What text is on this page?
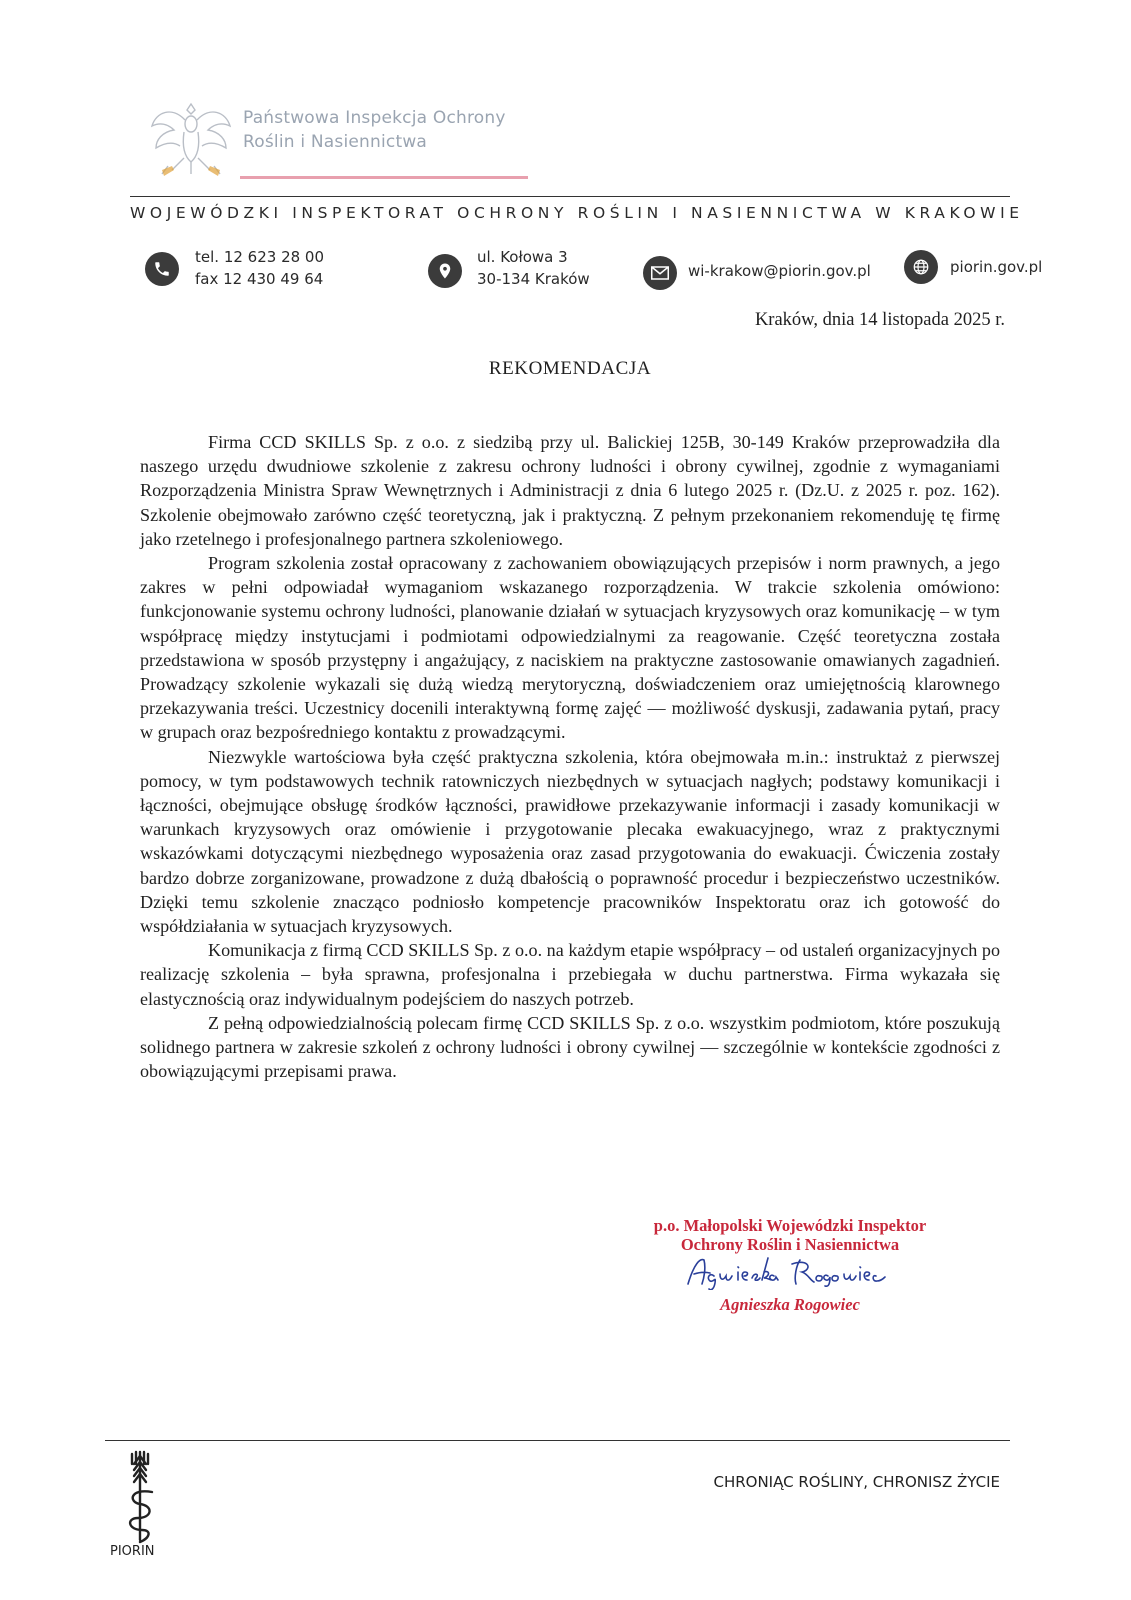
Państwowa Inspekcja Ochrony
Roślin i Nasiennictwa
WOJEWÓDZKI INSPEKTORAT OCHRONY ROŚLIN I NASIENNICTWA W KRAKOWIE
tel. 12 623 28 00
fax 12 430 49 64
ul. Kołowa 3
30-134 Kraków	wi-krakow@piorin.gov.pl	piorin.gov.pl
Kraków, dnia 14 listopada 2025 r.
REKOMENDACJA

Firma CCD SKILLS Sp. z o.o. z siedzibą przy ul. Balickiej 125B, 30-149 Kraków przeprowadziła dla naszego urzędu dwudniowe szkolenie z zakresu ochrony ludności i obrony cywilnej, zgodnie z wymaganiami Rozporządzenia Ministra Spraw Wewnętrznych i Administracji z dnia 6 lutego 2025 r. (Dz.U. z 2025 r. poz. 162). Szkolenie obejmowało zarówno część teoretyczną, jak i praktyczną. Z pełnym przekonaniem rekomenduję tę firmę jako rzetelnego i profesjonalnego partnera szkoleniowego.

Program szkolenia został opracowany z zachowaniem obowiązujących przepisów i norm prawnych, a jego zakres w pełni odpowiadał wymaganiom wskazanego rozporządzenia. W trakcie szkolenia omówiono: funkcjonowanie systemu ochrony ludności, planowanie działań w sytuacjach kryzysowych oraz komunikację – w tym współpracę między instytucjami i podmiotami odpowiedzialnymi za reagowanie. Część teoretyczna została przedstawiona w sposób przystępny i angażujący, z naciskiem na praktyczne zastosowanie omawianych zagadnień. Prowadzący szkolenie wykazali się dużą wiedzą merytoryczną, doświadczeniem oraz umiejętnością klarownego przekazywania treści. Uczestnicy docenili interaktywną formę zajęć — możliwość dyskusji, zadawania pytań, pracy w grupach oraz bezpośredniego kontaktu z prowadzącymi.

Niezwykle wartościowa była część praktyczna szkolenia, która obejmowała m.in.: instruktaż z pierwszej pomocy, w tym podstawowych technik ratowniczych niezbędnych w sytuacjach nagłych; podstawy komunikacji i łączności, obejmujące obsługę środków łączności, prawidłowe przekazywanie informacji i zasady komunikacji w warunkach kryzysowych oraz omówienie i przygotowanie plecaka ewakuacyjnego, wraz z praktycznymi wskazówkami dotyczącymi niezbędnego wyposażenia oraz zasad przygotowania do ewakuacji. Ćwiczenia zostały bardzo dobrze zorganizowane, prowadzone z dużą dbałością o poprawność procedur i bezpieczeństwo uczestników. Dzięki temu szkolenie znacząco podniosło kompetencje pracowników Inspektoratu oraz ich gotowość do współdziałania w sytuacjach kryzysowych.

Komunikacja z firmą CCD SKILLS Sp. z o.o. na każdym etapie współpracy – od ustaleń organizacyjnych po realizację szkolenia – była sprawna, profesjonalna i przebiegała w duchu partnerstwa. Firma wykazała się elastycznością oraz indywidualnym podejściem do naszych potrzeb.

Z pełną odpowiedzialnością polecam firmę CCD SKILLS Sp. z o.o. wszystkim podmiotom, które poszukują solidnego partnera w zakresie szkoleń z ochrony ludności i obrony cywilnej — szczególnie w kontekście zgodności z obowiązującymi przepisami prawa.

p.o. Małopolski Wojewódzki Inspektor
Ochrony Roślin i Nasiennictwa
Agnieszka Rogowiec
PIORIN
CHRONIĄC ROŚLINY, CHRONISZ ŻYCIE
